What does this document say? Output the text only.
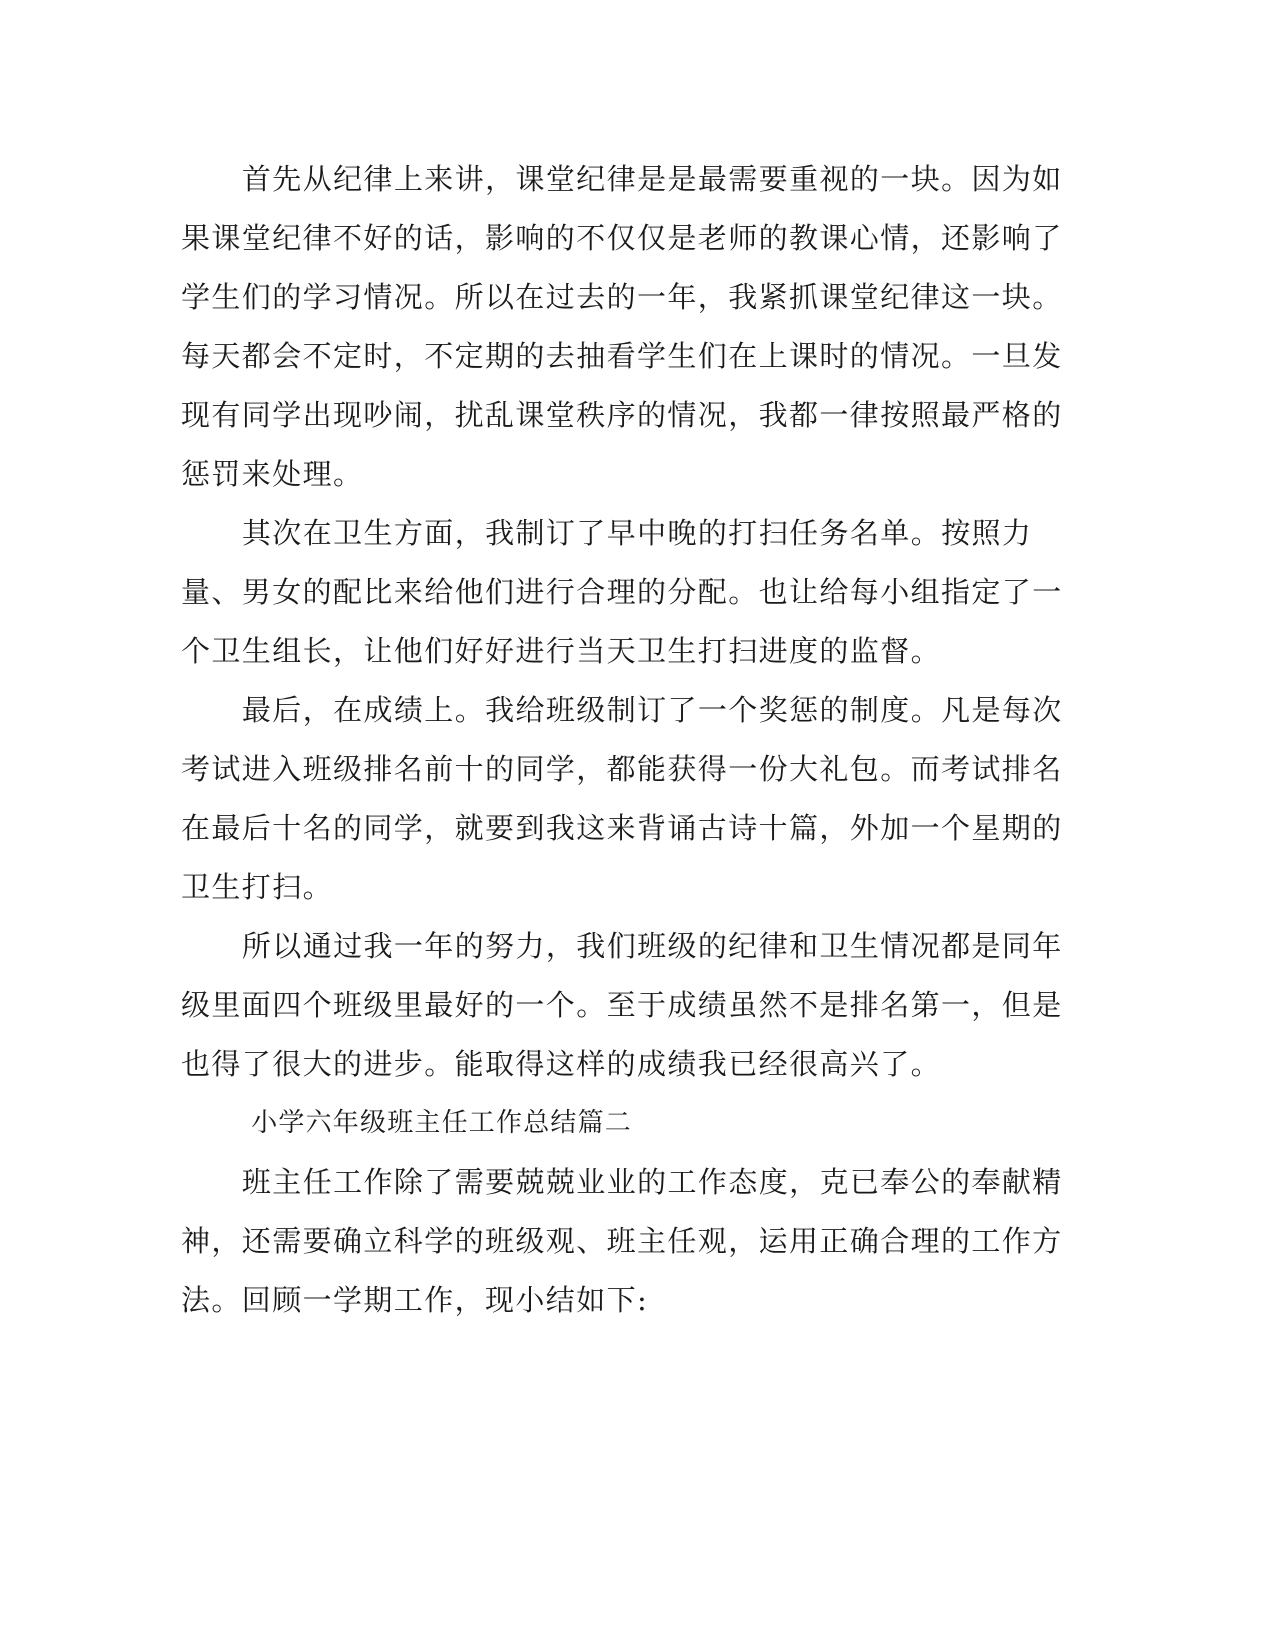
首先从纪律上来讲，课堂纪律是是最需要重视的一块。因为如果课堂纪律不好的话，影响的不仅仅是老师的教课心情，还影响了学生们的学习情况。所以在过去的一年，我紧抓课堂纪律这一块。每天都会不定时，不定期的去抽看学生们在上课时的情况。一旦发现有同学出现吵闹，扰乱课堂秩序的情况，我都一律按照最严格的惩罚来处理。

其次在卫生方面，我制订了早中晚的打扫任务名单。按照力量、男女的配比来给他们进行合理的分配。也让给每小组指定了一个卫生组长，让他们好好进行当天卫生打扫进度的监督。

最后，在成绩上。我给班级制订了一个奖惩的制度。凡是每次考试进入班级排名前十的同学，都能获得一份大礼包。而考试排名在最后十名的同学，就要到我这来背诵古诗十篇，外加一个星期的卫生打扫。

所以通过我一年的努力，我们班级的纪律和卫生情况都是同年级里面四个班级里最好的一个。至于成绩虽然不是排名第一，但是也得了很大的进步。能取得这样的成绩我已经很高兴了。

小学六年级班主任工作总结篇二

班主任工作除了需要兢兢业业的工作态度，克已奉公的奉献精神，还需要确立科学的班级观、班主任观，运用正确合理的工作方法。回顾一学期工作，现小结如下:
